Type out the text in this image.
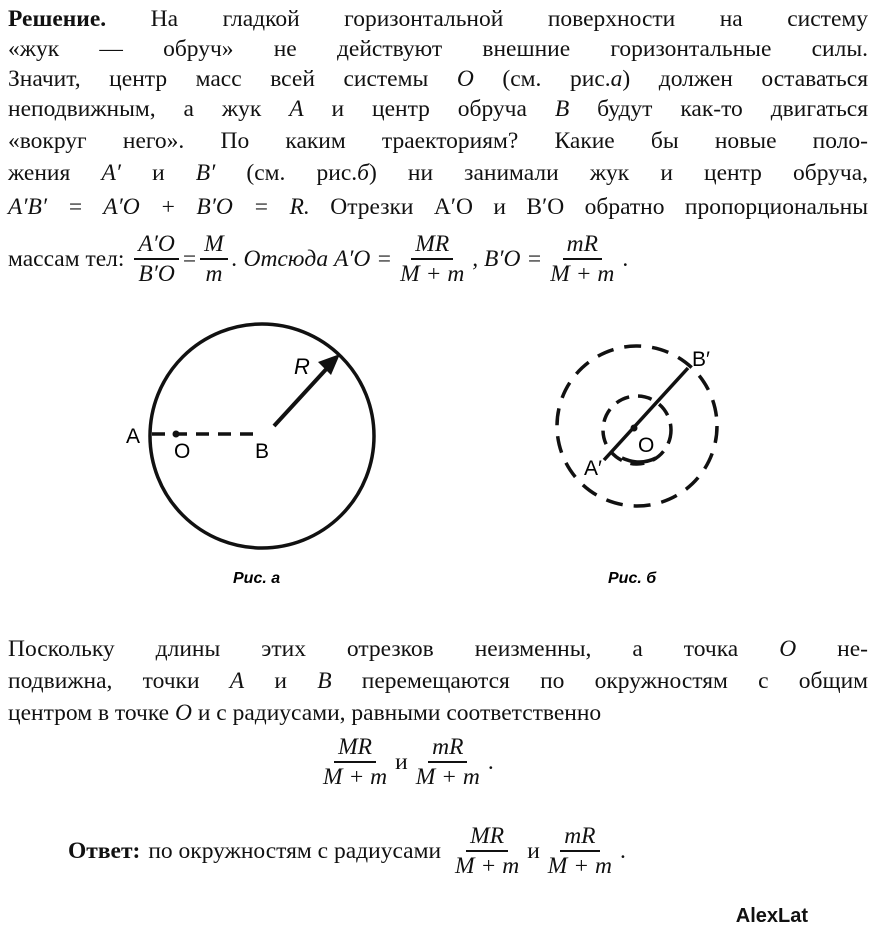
Решение. На гладкой горизонтальной поверхности на систему
«жук — обруч» не действуют внешние горизонтальные силы.
Значит, центр масс всей системы O (см. рис.а) должен оставаться
неподвижным, а жук A и центр обруча B будут как-то двигаться
«вокруг него». По каким траекториям? Какие бы новые поло-
жения A′ и B′ (см. рис.б) ни занимали жук и центр обруча,
A′B′ = A′O + B′O = R. Отрезки A′O и B′O обратно пропорциональны
массам тел: $\frac{A'O}{B'O} = \frac{M}{m}$ . Отсюда $A'O = \frac{MR}{M + m}$ , $B'O = \frac{mR}{M + m}$ .
R
A
O	B
Рис. а
B′
A′
O
Рис. б
Поскольку длины этих отрезков неизменны, а точка O не-
подвижна, точки A и B перемещаются по окружностям с общим
центром в точке O и с радиусами, равными соответственно
$\frac{MR}{M + m}$ и $\frac{mR}{M + m}$ .
Ответ: по окружностям с радиусами $\frac{MR}{M + m}$ и $\frac{mR}{M + m}$ .
AlexLat
